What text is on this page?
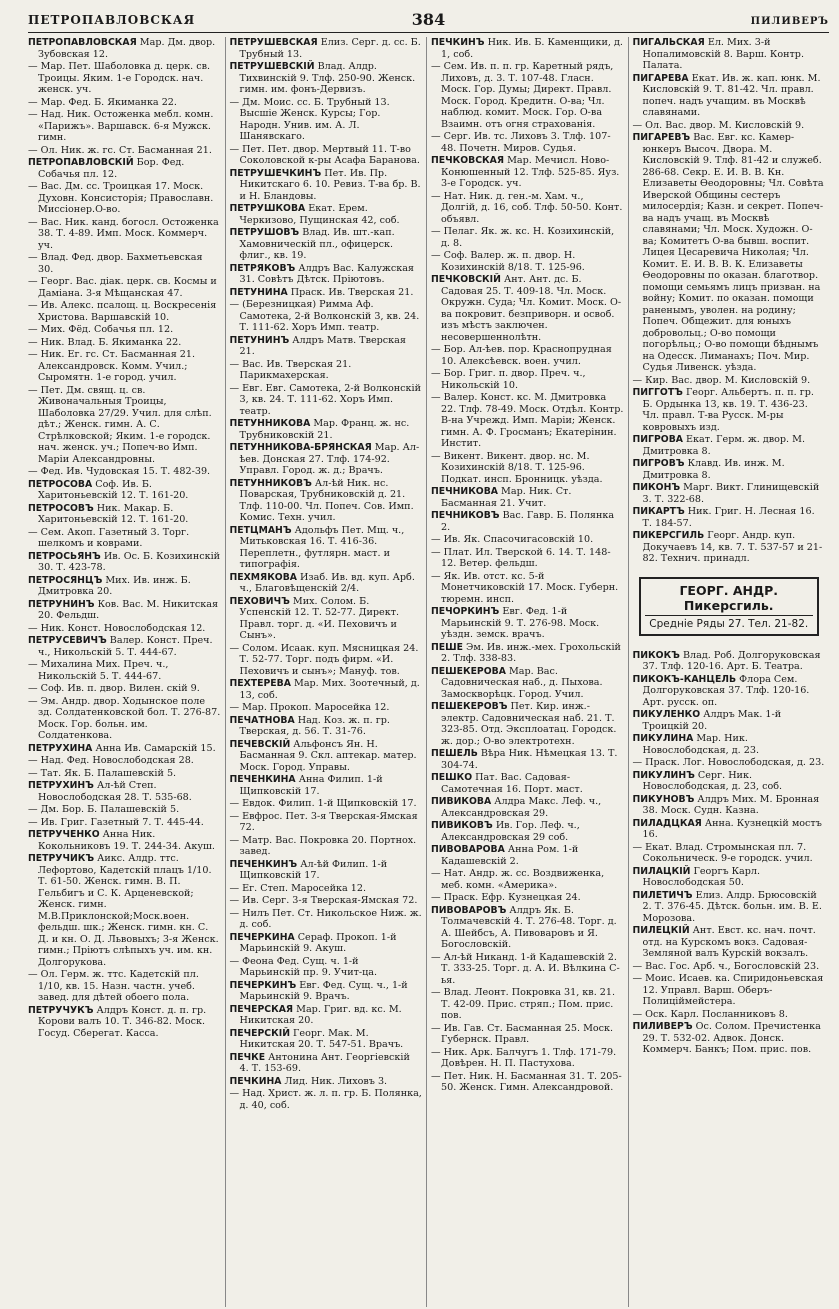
ПЕТРОПАВЛОВСКАЯ	384	ПИЛИВЕРЪ

ПЕТРОПАВЛОВСКАЯ Мар. Дм. двор. Зубовская 12.

— Мар. Пет. Шаболовка д. церк. св. Троицы. Яким. 1-е Городск. нач. женск. уч.

— Мар. Фед. Б. Якиманка 22.

— Над. Ник. Остоженка мебл. комн. «Парижъ». Варшавск. 6-я Мужск. гимн.

— Ол. Ник. ж. гс. Ст. Басманная 21.

ПЕТРОПАВЛОВСКІЙ Бор. Фед. Собачья пл. 12.

— Вас. Дм. сс. Троицкая 17. Моск. Духовн. Консисторія; Православн. Миссіонер.О-во.

— Вас. Ник. канд. богосл. Остоженка 38. Т. 4-89. Имп. Моск. Коммерч. уч.

— Влад. Фед. двор. Бахметьевская 30.

— Георг. Вас. діак. церк. св. Космы и Даміана. 3-я Мѣщанская 47.

— Ив. Алекс. псалощ. ц. Воскресенія Христова. Варшавскій 10.

— Мих. Фёд. Собачья пл. 12.

— Ник. Влад. Б. Якиманка 22.

— Ник. Ег. гс. Ст. Басманная 21. Александровск. Комм. Учил.; Сыромятн. 1-е город. учил.

— Пет. Дм. свящ. ц. св. Живоначальныя Троицы, Шаболовка 27/29. Учил. для слѣп. дѣт.; Женск. гимн. А. С. Стрѣлковской; Яким. 1-е городск. нач. женск. уч.; Попеч-во Имп. Маріи Александровны.

— Фед. Ив. Чудовская 15. Т. 482-39.

ПЕТРОСОВА Соф. Ив. Б. Харитоньевскій 12. Т. 161-20.

ПЕТРОСОВЪ Ник. Макар. Б. Харитоньевскій 12. Т. 161-20.

— Сем. Акоп. Газетный 3. Торг. шелкомъ и коврами.

ПЕТРОСЬЯНЪ Ив. Ос. Б. Козихинскій 30. Т. 423-78.

ПЕТРОСЯНЦЪ Мих. Ив. инж. Б. Дмитровка 20.

ПЕТРУНИНЪ Ков. Вас. М. Никитская 20. Фельдш.

— Ник. Конст. Новослободская 12.

ПЕТРУСЕВИЧЪ Валер. Конст. Преч. ч., Никольскій 5. Т. 444-67.

— Михалина Мих. Преч. ч., Никольскій 5. Т. 444-67.

— Соф. Ив. п. двор. Вилен. скій 9.

— Эм. Андр. двор. Ходынское поле зд. Солдатенковской бол. Т. 276-87. Моск. Гор. больн. им. Солдатенкова.

ПЕТРУХИНА Анна Ив. Самарскій 15.

— Над. Фед. Новослободская 28.

— Тат. Як. Б. Палашевскій 5.

ПЕТРУХИНЪ Ал-ѣй Степ. Новослободская 28. Т. 535-68.

— Дм. Бор. Б. Палашевскій 5.

— Ив. Григ. Газетный 7. Т. 445-44.

ПЕТРУЧЕНКО Анна Ник. Кокольниковъ 19. Т. 244-34. Акуш.

ПЕТРУЧИКЪ Аикс. Алдр. ттс. Лефортово, Кадетскій плацъ 1/10. Т. 61-50. Женск. гимн. В. П. Гельбигъ и С. К. Арценевской; Женск. гимн. М.В.Приклонской;Моск.воен. фельдш. шк.; Женск. гимн. кн. С. Д. и кн. О. Д. Львовыхъ; 3-я Женск. гимн.; Пріютъ слѣпыхъ уч. им. кн. Долгорукова.

— Ол. Герм. ж. ттс. Кадетскій пл. 1/10, кв. 15. Назн. частн. учеб. завед. для дѣтей обоего пола.

ПЕТРУЧУКЪ Алдръ Конст. д. п. гр. Корови валъ 10. Т. 346-82. Моск. Госуд. Сберегат. Касса.

ПЕТРУШЕВСКАЯ Елиз. Серг. д. сс. Б. Трубный 13.

ПЕТРУШЕВСКІЙ Влад. Алдр. Тихвинскій 9. Тлф. 250-90. Женск. гимн. им. фонъ-Дервизъ.

— Дм. Моис. сс. Б. Трубный 13. Высшіе Женск. Курсы; Гор. Народн. Унив. им. А. Л. Шанявскаго.

— Пет. Пет. двор. Мертвый 11. Т-во Соколовской к-ры Асафа Баранова.

ПЕТРУШЕЧКИНЪ Пет. Ив. Пр. Никитскаго 6. 10. Ревиз. Т-ва бр. В. и Н. Бландовы.

ПЕТРУШКОВА Екат. Ерем. Черкизово, Пущинская 42, соб.

ПЕТРУШОВЪ Влад. Ив. шт.-кап. Хамовническій пл., офицерск. флиг., кв. 19.

ПЕТРЯКОВЪ Алдръ Вас. Калужская 31. Совѣтъ Дѣтск. Пріютовъ.

ПЕТУНИНА Праск. Ив. Тверская 21.

— (Березницкая) Римма Аф. Самотека, 2-й Волконскій 3, кв. 24. Т. 111-62. Хоръ Имп. театр.

ПЕТУНИНЪ Алдръ Матв. Тверская 21.

— Вас. Ив. Тверская 21. Парикмахерская.

— Евг. Евг. Самотека, 2-й Волконскій 3, кв. 24. Т. 111-62. Хоръ Имп. театр.

ПЕТУННИКОВА Мар. Франц. ж. нс. Трубниковскій 21.

ПЕТУННИКОВА-БРЯНСКАЯ Мар. Ал-ѣев. Донская 27. Тлф. 174-92. Управл. Город. ж. д.; Врачъ.

ПЕТУННИКОВЪ Ал-ѣй Ник. нс. Поварская, Трубниковскій д. 21. Тлф. 110-00. Чл. Попеч. Сов. Имп. Комис. Техн. учил.

ПЕТЦМАНЪ Адольфъ Пет. Мщ. ч., Митьковская 16. Т. 416-36. Переплетн., футлярн. маст. и типографія.

ПЕХМЯКОВА Изаб. Ив. вд. куп. Арб. ч., Благовѣщенскій 2/4.

ПЕХОВИЧЪ Мих. Солом. Б. Успенскій 12. Т. 52-77. Директ. Правл. торг. д. «И. Пеховичъ и Сынъ».

— Солом. Исаак. куп. Мясницкая 24. Т. 52-77. Торг. подъ фирм. «И. Пеховичъ и сынъ»; Мануф. тов.

ПЕХТЕРЕВА Мар. Мих. Зоотечный, д. 13, соб.

— Мар. Прокоп. Маросейка 12.

ПЕЧАТНОВА Над. Коз. ж. п. гр. Тверская, д. 56. Т. 31-76.

ПЕЧЕВСКІЙ Альфонсъ Ян. Н. Басманная 9. Скл. аптекар. матер. Моск. Город. Управы.

ПЕЧЕНКИНА Анна Филип. 1-й Щипковскій 17.

— Евдок. Филип. 1-й Щипковскій 17.

— Евфрос. Пет. 3-я Тверская-Ямская 72.

— Матр. Вас. Покровка 20. Портнох. завед.

ПЕЧЕНКИНЪ Ал-ѣй Филип. 1-й Щипковскій 17.

— Ег. Степ. Маросейка 12.

— Ив. Серг. 3-я Тверская-Ямская 72.

— Нилъ Пет. Ст. Никольское Ниж. ж. д. соб.

ПЕЧЕРКИНА Сераф. Прокоп. 1-й Марьинскій 9. Акуш.

— Феона Фед. Сущ. ч. 1-й Марьинскій пр. 9. Учит-ца.

ПЕЧЕРКИНЪ Евг. Фед. Сущ. ч., 1-й Марьинскій 9. Врачъ.

ПЕЧЕРСКАЯ Мар. Григ. вд. кс. М. Никитская 20.

ПЕЧЕРСКІЙ Георг. Мак. М. Никитская 20. Т. 547-51. Врачъ.

ПЕЧКЕ Антонина Ант. Георгіевскій 4. Т. 153-69.

ПЕЧКИНА Лид. Ник. Лиховъ 3.

— Над. Христ. ж. л. п. гр. Б. Полянка, д. 40, соб.

ПЕЧКИНЪ Ник. Ив. Б. Каменщики, д. 1, соб.

— Сем. Ив. п. п. гр. Каретный рядъ, Лиховъ, д. 3. Т. 107-48. Гласн. Моск. Гор. Думы; Директ. Правл. Моск. Город. Кредитн. О-ва; Чл. наблюд. комит. Моск. Гор. О-ва Взаимн. отъ огня страхованія.

— Серг. Ив. тс. Лиховъ 3. Тлф. 107-48. Почетн. Миров. Судья.

ПЕЧКОВСКАЯ Мар. Мечисл. Ново-Конюшенный 12. Тлф. 525-85. Яуз. 3-е Городск. уч.

— Нат. Ник. д. ген.-м. Хам. ч., Долгій, д. 16, соб. Тлф. 50-50. Конт. объявл.

— Пелаг. Як. ж. кс. Н. Козихинскій, д. 8.

— Соф. Валер. ж. п. двор. Н. Козихинскій 8/18. Т. 125-96.

ПЕЧКОВСКІЙ Ант. Ант. дс. Б. Садовая 25. Т. 409-18. Чл. Моск. Окружн. Суда; Чл. Комит. Моск. О-ва покровит. безприворн. и освоб. изъ мѣстъ заключен. несовершеннолѣтн.

— Бор. Ал-ѣев. пор. Краснопрудная 10. Алексѣевск. воен. учил.

— Бор. Григ. п. двор. Преч. ч., Никольскій 10.

— Валер. Конст. кс. М. Дмитровка 22. Тлф. 78-49. Моск. Отдѣл. Контр. В-на Учрежд. Имп. Маріи; Женск. гимн. А. Ф. Гросманъ; Екатерінин. Инстит.

— Викент. Викент. двор. нс. М. Козихинскій 8/18. Т. 125-96. Подкат. инсп. Бронницк. уѣзда.

ПЕЧНИКОВА Мар. Ник. Ст. Басманная 21. Учит.

ПЕЧНИКОВЪ Вас. Гавр. Б. Полянка 2.

— Ив. Як. Спасочигасовскій 10.

— Плат. Ил. Тверской 6. 14. Т. 148-12. Ветер. фельдш.

— Як. Ив. отст. кс. 5-й Монетчиковскій 17. Моск. Губерн. тюремн. инсп.

ПЕЧОРКИНЪ Евг. Фед. 1-й Марьинскій 9. Т. 276-98. Моск. уѣздн. земск. врачъ.

ПЕШЕ Эм. Ив. инж.-мех. Грохольскій 2. Тлф. 338-83.

ПЕШЕКЕРОВА Мар. Вас. Садовническая наб., д. Пыхова. Замоскворѣцк. Город. Учил.

ПЕШЕКЕРОВЪ Пет. Кир. инж.-электр. Садовническая наб. 21. Т. 323-85. Отд. Эксплоатац. Городск. ж. дор.; О-во электротехн.

ПЕШЕЛЬ Вѣра Ник. Нѣмецкая 13. Т. 304-74.

ПЕШКО Пат. Вас. Садовая-Самотечная 16. Порт. маст.

ПИВИКОВА Алдра Макс. Леф. ч., Александровская 29.

ПИВИКОВЪ Ив. Гор. Леф. ч., Александровская 29 соб.

ПИВОВАРОВА Анна Ром. 1-й Кадашевскій 2.

— Нат. Андр. ж. сс. Воздвиженка, меб. комн. «Америка».

— Праск. Ефр. Кузнецкая 24.

ПИВОВАРОВЪ Алдръ Як. Б. Толмачевскій 4. Т. 276-48. Торг. д. А. Шейбсъ, А. Пивоваровъ и Я. Богословскій.

— Ал-ѣй Никанд. 1-й Кадашевскій 2. Т. 333-25. Торг. д. А. И. Вѣлкина С-ья.

— Влад. Леонт. Покровка 31, кв. 21. Т. 42-09. Прис. стряп.; Пом. прис. пов.

— Ив. Гав. Ст. Басманная 25. Моск. Губернск. Правл.

— Ник. Арк. Балчугъ 1. Тлф. 171-79. Довѣрен. Н. П. Пастухова.

— Пет. Ник. Н. Басманная 31. Т. 205-50. Женск. Гимн. Александровой.

ПИГАЛЬСКАЯ Ел. Мих. 3-й Нопалимовскій 8. Варш. Контр. Палата.

ПИГАРЕВА Екат. Ив. ж. кап. юнк. М. Кисловскій 9. Т. 81-42. Чл. правл. попеч. надъ учащим. въ Москвѣ славянами.

— Ол. Вас. двор. М. Кисловскій 9.

ПИГАРЕВЪ Вас. Евг. кс. Камер-юнкеръ Высоч. Двора. М. Кисловскій 9. Тлф. 81-42 и служеб. 286-68. Секр. Е. И. В. В. Кн. Елизаветы Ѳеодоровны; Чл. Совѣта Иверской Общины сестеръ милосердія; Казн. и секрет. Попеч-ва надъ учащ. въ Москвѣ славянами; Чл. Моск. Художн. О-ва; Комитетъ О-ва бывш. воспит. Лицея Цесаревича Николая; Чл. Комит. Е. И. В. В. К. Елизаветы Ѳеодоровны по оказан. благотвор. помощи семьямъ лицъ призван. на войну; Комит. по оказан. помощи раненымъ, уволен. на родину; Попеч. Общежит. для юныхъ добровольц.; О-во помощи погорѣльц.; О-во помощи бѣднымъ на Одесск. Лиманахъ; Поч. Мир. Судья Ливенск. уѣзда.

— Кир. Вас. двор. М. Кисловскій 9.

ПИГГОТЪ Георг. Альбертъ. п. п. гр. Б. Ордынка 13, кв. 19. Т. 436-23. Чл. правл. Т-ва Русск. М-ры ковровыхъ изд.

ПИГРОВА Екат. Герм. ж. двор. М. Дмитровка 8.

ПИГРОВЪ Клавд. Ив. инж. М. Дмитровка 8.

ПИКОНЪ Марг. Викт. Глинищевскій 3. Т. 322-68.

ПИКАРТЪ Ник. Григ. Н. Лесная 16. Т. 184-57.

ПИКЕРСГИЛЬ Георг. Андр. куп. Докучаевъ 14, кв. 7. Т. 537-57 и 21-82. Технич. принадл.

ГЕОРГ. АНДР. Пикерсгиль.
Средніе Ряды 27. Тел. 21-82.

ПИКОКЪ Влад. Роб. Долгоруковская 37. Тлф. 120-16. Арт. Б. Театра.

ПИКОКЪ-КАНЦЕЛЬ Флора Сем. Долгоруковская 37. Тлф. 120-16. Арт. русск. оп.

ПИКУЛЕНКО Алдръ Мак. 1-й Троицкій 20.

ПИКУЛИНА Мар. Ник. Новослободская, д. 23.

— Праск. Лог. Новослободская, д. 23.

ПИКУЛИНЪ Серг. Ник. Новослободская, д. 23, соб.

ПИКУНОВЪ Алдръ Мих. М. Бронная 38. Моск. Судн. Казна.

ПИЛАДЦКАЯ Анна. Кузнецкій мостъ 16.

— Екат. Влад. Стромынская пл. 7. Сокольническ. 9-е городск. учил.

ПИЛАЦКІЙ Георгъ Карл. Новослободская 50.

ПИЛЕТИЧЪ Елиз. Алдр. Брюсовскій 2. Т. 376-45. Дѣтск. больн. им. В. Е. Морозова.

ПИЛЕЦКІЙ Ант. Евст. кс. нач. почт. отд. на Курскомъ вокз. Садовая-Земляной валъ Курскій вокзалъ.

— Вас. Гос. Арб. ч., Богословскій 23.

— Моис. Исаев. ка. Спиридоньевская 12. Управл. Варш. Оберъ-Полиціймейстера.

— Оск. Карл. Посланниковъ 8.

ПИЛИВЕРЪ Ос. Солом. Пречистенка 29. Т. 532-02. Адвок. Донск. Коммерч. Банкъ; Пом. прис. пов.
